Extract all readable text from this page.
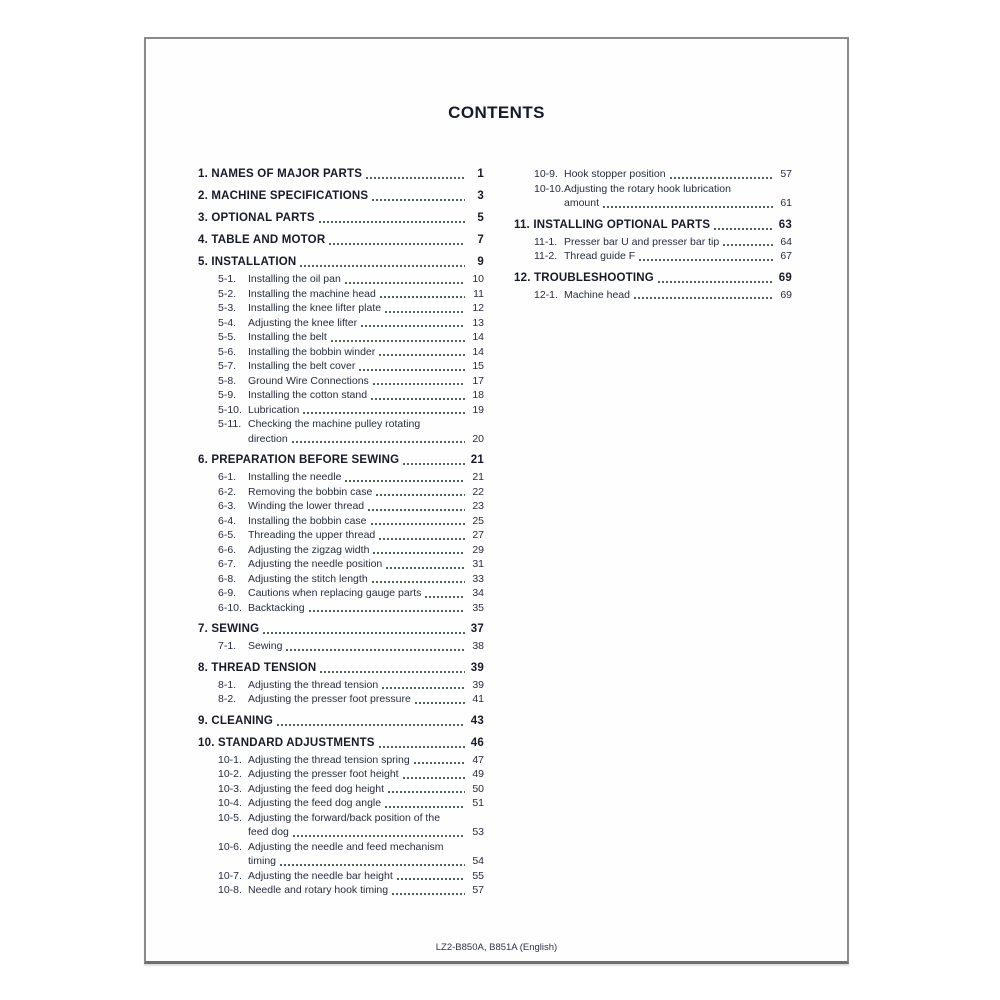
CONTENTS
1. NAMES OF MAJOR PARTS	1
2. MACHINE SPECIFICATIONS	3
3. OPTIONAL PARTS	5
4. TABLE AND MOTOR	7
5. INSTALLATION	9
5-1.	Installing the oil pan	10
5-2.	Installing the machine head	11
5-3.	Installing the knee lifter plate	12
5-4.	Adjusting the knee lifter	13
5-5.	Installing the belt	14
5-6.	Installing the bobbin winder	14
5-7.	Installing the belt cover	15
5-8.	Ground Wire Connections	17
5-9.	Installing the cotton stand	18
5-10. Lubrication	19
5-11. Checking the machine pulley rotating
direction	20
6. PREPARATION BEFORE SEWING	21
6-1.	Installing the needle	21
6-2.	Removing the bobbin case	22
6-3.	Winding the lower thread	23
6-4.	Installing the bobbin case	25
6-5.	Threading the upper thread	27
6-6.	Adjusting the zigzag width	29
6-7.	Adjusting the needle position	31
6-8.	Adjusting the stitch length	33
6-9.	Cautions when replacing gauge parts	34
6-10. Backtacking	35
7. SEWING	37
7-1.	Sewing	38
8. THREAD TENSION	39
8-1.	Adjusting the thread tension	39
8-2.	Adjusting the presser foot pressure	41
9. CLEANING	43
10. STANDARD ADJUSTMENTS	46
10-1. Adjusting the thread tension spring	47
10-2. Adjusting the presser foot height	49
10-3. Adjusting the feed dog height	50
10-4. Adjusting the feed dog angle	51
10-5. Adjusting the forward/back position of the
feed dog	53
10-6. Adjusting the needle and feed mechanism
timing	54
10-7. Adjusting the needle bar height	55
10-8. Needle and rotary hook timing	57
10-9. Hook stopper position	57
10-10. Adjusting the rotary hook lubrication
amount	61
11. INSTALLING OPTIONAL PARTS	63
11-1. Presser bar U and presser bar tip	64
11-2. Thread guide F	67
12. TROUBLESHOOTING	69
12-1. Machine head	69
LZ2-B850A, B851A (English)
